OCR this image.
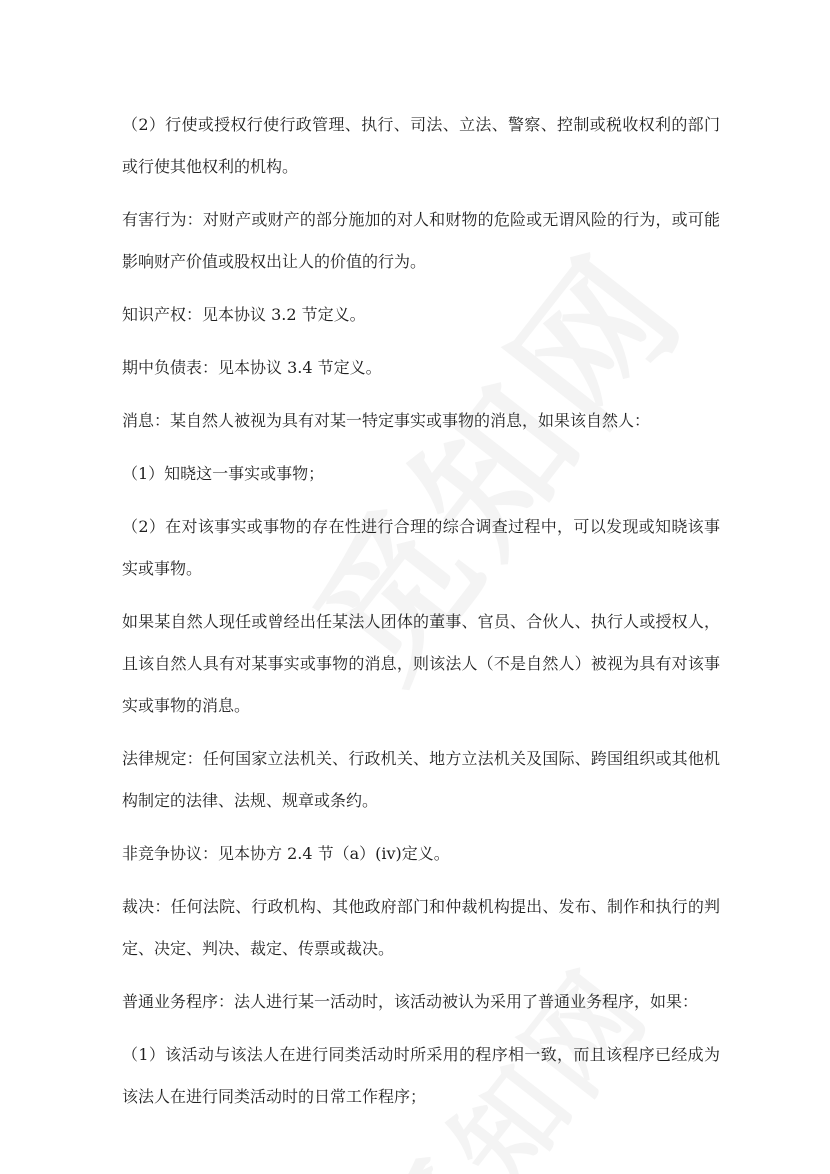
（2）行使或授权行使行政管理、执行、司法、立法、警察、控制或税收权利的部门或行使其他权利的机构。

有害行为：对财产或财产的部分施加的对人和财物的危险或无谓风险的行为，或可能影响财产价值或股权出让人的价值的行为。

知识产权：见本协议 3.2 节定义。

期中负债表：见本协议 3.4 节定义。

消息：某自然人被视为具有对某一特定事实或事物的消息，如果该自然人：

（1）知晓这一事实或事物；

（2）在对该事实或事物的存在性进行合理的综合调查过程中，可以发现或知晓该事实或事物。

如果某自然人现任或曾经出任某法人团体的董事、官员、合伙人、执行人或授权人，且该自然人具有对某事实或事物的消息，则该法人（不是自然人）被视为具有对该事实或事物的消息。

法律规定：任何国家立法机关、行政机关、地方立法机关及国际、跨国组织或其他机构制定的法律、法规、规章或条约。

非竞争协议：见本协方 2.4 节（a）(iv)定义。

裁决：任何法院、行政机构、其他政府部门和仲裁机构提出、发布、制作和执行的判定、决定、判决、裁定、传票或裁决。

普通业务程序：法人进行某一活动时，该活动被认为采用了普通业务程序，如果：

（1）该活动与该法人在进行同类活动时所采用的程序相一致，而且该程序已经成为该法人在进行同类活动时的日常工作程序；
